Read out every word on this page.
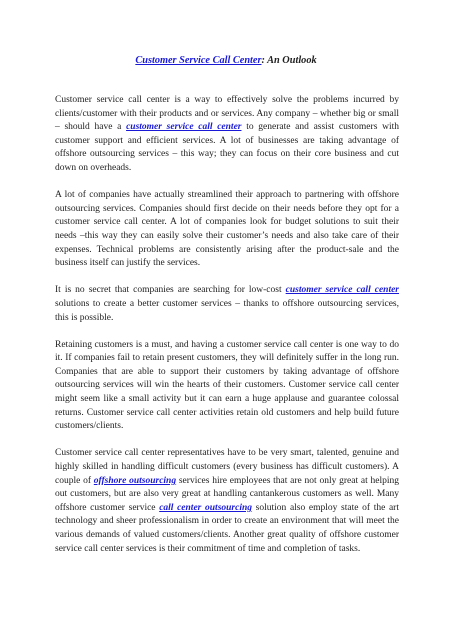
Customer Service Call Center: An Outlook

Customer service call center is a way to effectively solve the problems incurred by clients/customer with their products and or services. Any company – whether big or small – should have a customer service call center to generate and assist customers with customer support and efficient services. A lot of businesses are taking advantage of offshore outsourcing services – this way; they can focus on their core business and cut down on overheads.

A lot of companies have actually streamlined their approach to partnering with offshore outsourcing services. Companies should first decide on their needs before they opt for a customer service call center. A lot of companies look for budget solutions to suit their needs –this way they can easily solve their customer’s needs and also take care of their expenses. Technical problems are consistently arising after the product-sale and the business itself can justify the services.

It is no secret that companies are searching for low-cost customer service call center solutions to create a better customer services – thanks to offshore outsourcing services, this is possible.

Retaining customers is a must, and having a customer service call center is one way to do it. If companies fail to retain present customers, they will definitely suffer in the long run. Companies that are able to support their customers by taking advantage of offshore outsourcing services will win the hearts of their customers. Customer service call center might seem like a small activity but it can earn a huge applause and guarantee colossal returns. Customer service call center activities retain old customers and help build future customers/clients.

Customer service call center representatives have to be very smart, talented, genuine and highly skilled in handling difficult customers (every business has difficult customers). A couple of offshore outsourcing services hire employees that are not only great at helping out customers, but are also very great at handling cantankerous customers as well. Many offshore customer service call center outsourcing solution also employ state of the art technology and sheer professionalism in order to create an environment that will meet the various demands of valued customers/clients. Another great quality of offshore customer service call center services is their commitment of time and completion of tasks.
